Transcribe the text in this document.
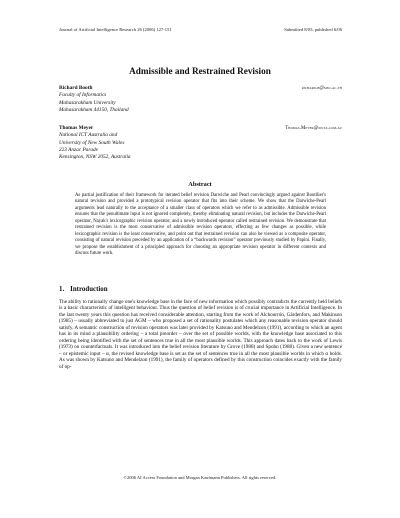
Journal of Artificial Intelligence Research 26 (2006) 127-151	Submitted 8/05; published 6/06
Admissible and Restrained Revision
Richard Booth	richard.b@msu.ac.th
Faculty of Informatics
Mahasarakham University
Mahasarakham 44150, Thailand
Thomas Meyer	Thomas.Meyer@nicta.com.au
National ICT Australia and
University of New South Wales
223 Anzac Parade
Kensington, NSW 2052, Australia
Abstract
As partial justification of their framework for iterated belief revision Darwiche and Pearl convincingly argued against Boutilier's natural revision and provided a prototypical revision operator that fits into their scheme. We show that the Darwiche-Pearl arguments lead naturally to the acceptance of a smaller class of operators which we refer to as admissible. Admissible revision ensures that the penultimate input is not ignored completely, thereby eliminating natural revision, but includes the Darwiche-Pearl operator, Nayak's lexicographic revision operator, and a newly introduced operator called restrained revision. We demonstrate that restrained revision is the most conservative of admissible revision operators, effecting as few changes as possible, while lexicographic revision is the least conservative, and point out that restrained revision can also be viewed as a composite operator, consisting of natural revision preceded by an application of a “backwards revision” operator previously studied by Papini. Finally, we propose the establishment of a principled approach for choosing an appropriate revision operator in different contexts and discuss future work.
1. Introduction
The ability to rationally change one's knowledge base in the face of new information which possibly contradicts the currently held beliefs is a basic characteristic of intelligent behaviour. Thus the question of belief revision is of crucial importance in Artificial Intelligence. In the last twenty years this question has received considerable attention, starting from the work of Alchourrón, Gärdenfors, and Makinson (1985) – usually abbreviated to just AGM – who proposed a set of rationality postulates which any reasonable revision operator should satisfy. A semantic construction of revision operators was later provided by Katsuno and Mendelzon (1991), according to which an agent has in its mind a plausibility ordering – a total preorder – over the set of possible worlds, with the knowledge base associated to this ordering being identified with the set of sentences true in all the most plausible worlds. This approach dates back to the work of Lewis (1973) on counterfactuals. It was introduced into the belief revision literature by Grove (1988) and Spohn (1988). Given a new sentence – or epistemic input – α, the revised knowledge base is set as the set of sentences true in all the most plausible worlds in which α holds. As was shown by Katsuno and Mendelzon (1991), the family of operators defined by this construction coincides exactly with the family of op-
©2006 AI Access Foundation and Morgan Kaufmann Publishers. All rights reserved.
